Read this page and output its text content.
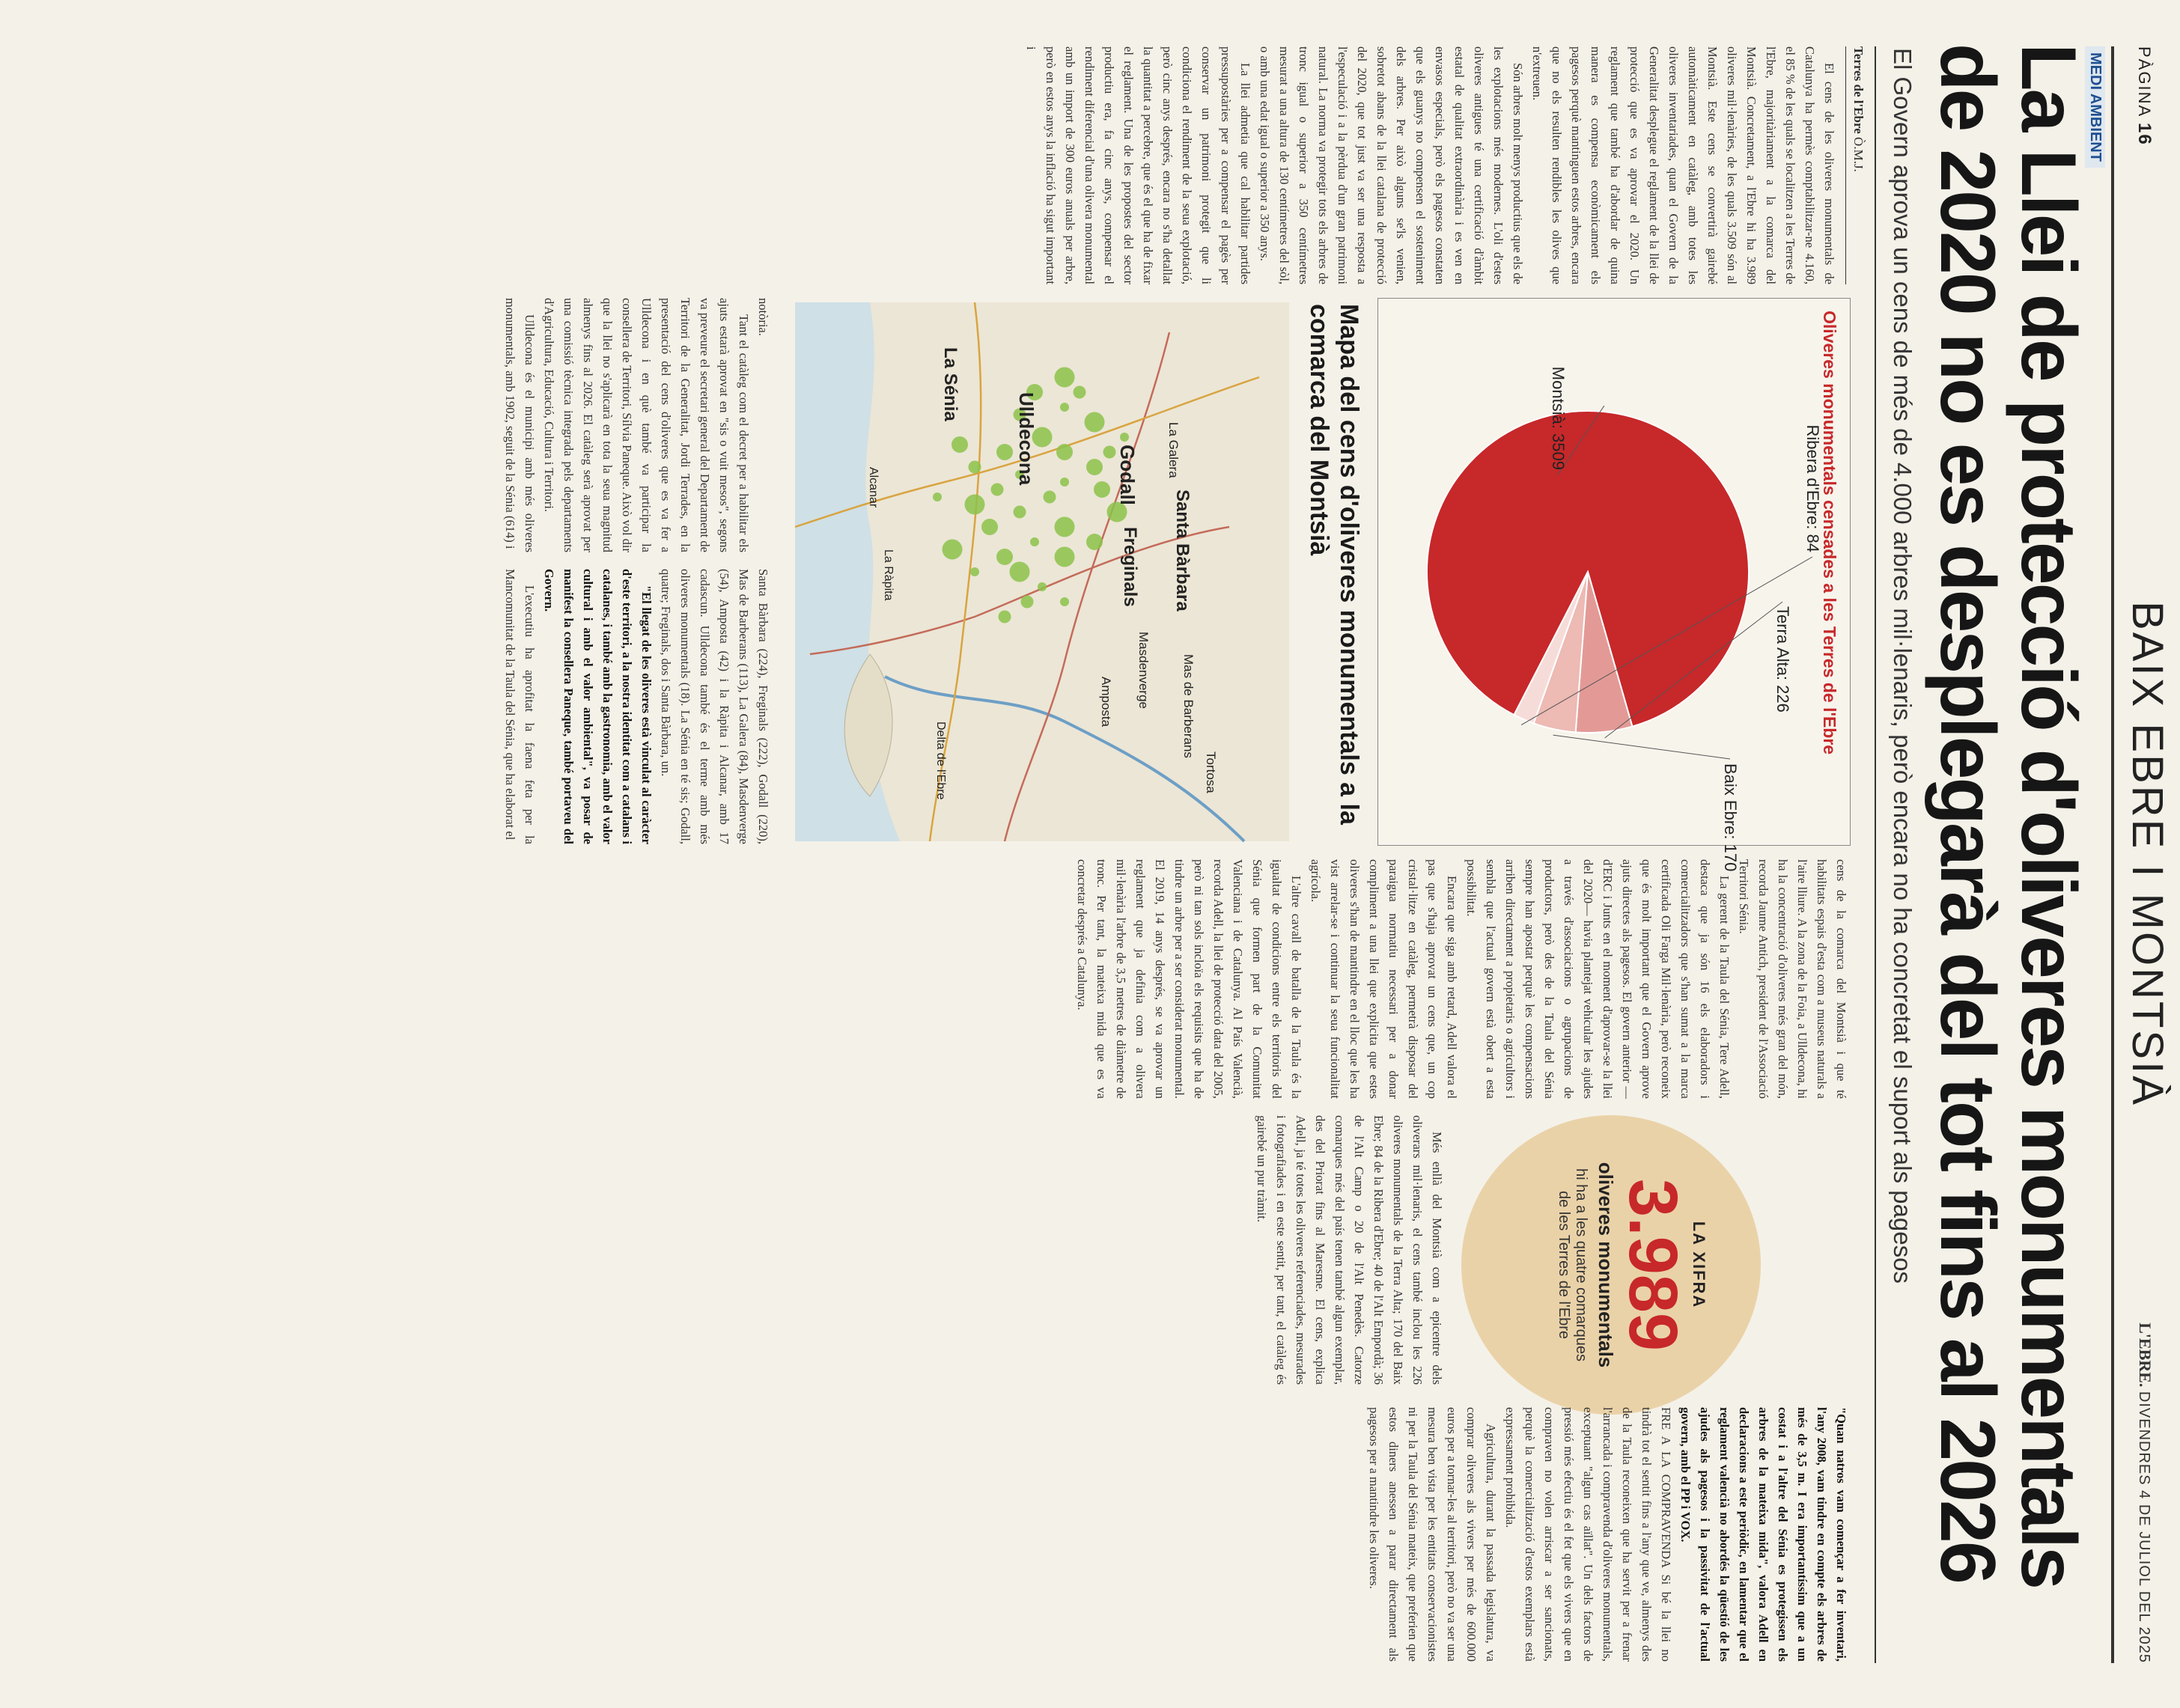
PÀGINA 16
BAIX EBRE I MONTSIÀ
L'EBRE. DIVENDRES 4 DE JULIOL DEL 2025
MEDI AMBIENT
La Llei de protecció d'oliveres monumentals
de 2020 no es desplegarà del tot fins al 2026
El Govern aprova un cens de més de 4.000 arbres mil·lenaris, però encara no ha concretat el suport als pagesos
Terres de l'Ebre Ò.M.J.

El cens de les oliveres monumentals de Catalunya ha permès comptabilitzar-ne 4.160, el 85 % de les quals se localitzen a les Terres de l'Ebre, majoritàriament a la comarca del Montsià. Concretament, a l'Ebre hi ha 3.989 oliveres mil·lenàries, de les quals 3.509 són al Montsià. Este cens se convertirà gairebé automàticament en catàleg, amb totes les oliveres inventariades, quan el Govern de la Generalitat desplegue el reglament de la llei de protecció que es va aprovar el 2020. Un reglament que també ha d'abordar de quina manera es compensa econòmicament els pagesos perquè mantinguen estos arbres, encara que no els resulten rendibles les olives que n'extreuen.

Són arbres molt menys productius que els de les explotacions més modernes. L'oli d'estes oliveres antigues té una certificació d'àmbit estatal de qualitat extraordinària i es ven en envasos especials, però els pagesos constaten que els guanys no compensen el sosteniment dels arbres. Per això alguns se'ls venien, sobretot abans de la llei catalana de protecció del 2020, que tot just va ser una resposta a l'especulació i a la pèrdua d'un gran patrimoni natural. La norma va protegir tots els arbres de tronc igual o superior a 350 centímetres mesurat a una altura de 130 centímetres del sòl, o amb una edat igual o superior a 350 anys.

La llei admetia que cal habilitar partides pressupostàries per a compensar el pagès per conservar un patrimoni protegit que li condiciona el rendiment de la seua explotació, però cinc anys després, encara no s'ha detallat la quantitat a percebre, que és el que ha de fixar el reglament. Una de les propostes del sector productiu era, fa cinc anys, compensar el rendiment diferencial d'una olivera monumental amb un import de 300 euros anuals per arbre, però en estos anys la inflació ha sigut important i

Oliveres monumentals censades a les Terres de l'Ebre
Montsià: 3509
Terra Alta: 226
Baix Ebre: 170
Ribera d'Ebre: 84
Mapa del cens d'oliveres monumentals a la comarca del Montsià
Santa Bàrbara
Godall
Freginals
Ulldecona
La Sénia
Mas de Barberans
La Galera
Masdenverge
Amposta
Tortosa
Delta de l'Ebre
La Ràpita
Alcanar

notòria.

Tant el catàleg com el decret per a habilitar els ajuts estarà aprovat en "sis o vuit mesos", segons va preveure el secretari general del Departament de Territori de la Generalitat, Jordi Terrades, en la presentació del cens d'oliveres que es va fer a Ulldecona i en què també va participar la consellera de Territori, Sílvia Paneque. Això vol dir que la llei no s'aplicarà en tota la seua magnitud almenys fins al 2026. El catàleg serà aprovat per una comissió tècnica integrada pels departaments d'Agricultura, Educació, Cultura i Territori.

Ulldecona és el municipi amb més oliveres monumentals, amb 1902, seguit de la Sénia (614) i

Santa Bàrbara (224), Freginals (222), Godall (220), Mas de Barberans (113), La Galera (84), Masdenverge (54), Amposta (42) i la Ràpita i Alcanar, amb 17 cadascun. Ulldecona també és el terme amb més oliveres monumentals (18). La Sénia en té sis; Godall, quatre; Freginals, dos i Santa Bàrbara, un.

"El llegat de les oliveres està vinculat al caràcter d'este territori, a la nostra identitat com a catalans i catalanes, i també amb la gastronomia, amb el valor cultural i amb el valor ambiental", va posar de manifest la consellera Paneque, també portaveu del Govern.

L'executiu ha aprofitat la faena feta per la Mancomunitat de la Taula del Sénia, que ha elaborat el

cens de la comarca del Montsià i que té habilitats espais d'esta com a museus naturals a l'aire lliure. A la zona de la Foia, a Ulldecona, hi ha la concentració d'oliveres més gran del món, recorda Jaume Antich, president de l'Associació Territori Sénia.

La gerent de la Taula del Sénia, Tere Adell, destaca que ja són 16 els elaboradors i comercialitzadors que s'han sumat a la marca certificada Oli Farga Mil·lenària, però reconeix que és molt important que el Govern aprove ajuts directes als pagesos. El govern anterior —d'ERC i Junts en el moment d'aprovar-se la llei del 2020— havia plantejat vehicular les ajudes a través d'associacions o agrupacions de productors, però des de la Taula del Sénia sempre han apostat perquè les compensacions arriben directament a propietaris o agricultors i sembla que l'actual govern està obert a esta possibilitat.

Encara que siga amb retard, Adell valora el pas que s'haja aprovat un cens que, un cop cristal·litze en catàleg, permetrà disposar del paraigua normatiu necessari per a donar compliment a una llei que explicita que estes oliveres s'han de mantindre en el lloc que les ha vist arrelar-se i continuar la seua funcionalitat agrícola.

L'altre cavall de batalla de la Taula és la igualtat de condicions entre els territoris del Sénia que formen part de la Comunitat Valenciana i de Catalunya. Al País Valencià, recorda Adell, la llei de protecció data del 2005, però ni tan sols incloïa els requisits que ha de tindre un arbre per a ser considerat monumental. El 2019, 14 anys després, se va aprovar un reglament que ja definia com a olivera mil·lenària l'arbre de 3,5 metres de diàmetre de tronc. Per tant, la mateixa mida que es va concretar després a Catalunya.

LA XIFRA
3.989
oliveres monumentals
hi ha a les quatre comarques
de les Terres de l'Ebre

Més enllà del Montsià com a epicentre dels oliverars mil·lenaris, el cens també inclou les 226 oliveres monumentals de la Terra Alta; 170 del Baix Ebre; 84 de la Ribera d'Ebre; 40 de l'Alt Empordà; 36 de l'Alt Camp o 20 de l'Alt Penedès. Catorze comarques més del país tenen també algun exemplar, des del Priorat fins al Maresme. El cens, explica Adell, ja té totes les oliveres referenciades, mesurades i fotografiades i en este sentit, per tant, el catàleg és gairebé un pur tràmit.

"Quan natros vam començar a fer inventari, l'any 2008, vam tindre en compte els arbres de més de 3,5 m. I era importantíssim que a un costat i a l'altre del Sénia es protegissen els arbres de la mateixa mida", valora Adell en declaracions a este periòdic, en lamentar que el reglament valencià no abordés la qüestió de les ajudes als pagesos i la passivitat de l'actual govern, amb el PP i VOX.

FRE A LA COMPRAVENDA Si bé la llei no tindrà tot el sentit fins a l'any que ve, almenys des de la Taula reconeixen que ha servit per a frenar l'arrancada i compravenda d'oliveres monumentals, exceptuant "algun cas aïllat". Un dels factors de pressió més efectiu és el fet que els vivers que en compraven no volen arriscar a ser sancionats, perquè la comercialització d'estos exemplars està expressament prohibida.

Agricultura, durant la passada legislatura, va comprar oliveres als vivers per més de 600.000 euros per a tornar-les al territori, però no va ser una mesura ben vista per les entitats conservacionistes ni per la Taula del Sénia mateix, que preferien que estos diners anessen a parar directament als pagesos per a mantindre les oliveres.
